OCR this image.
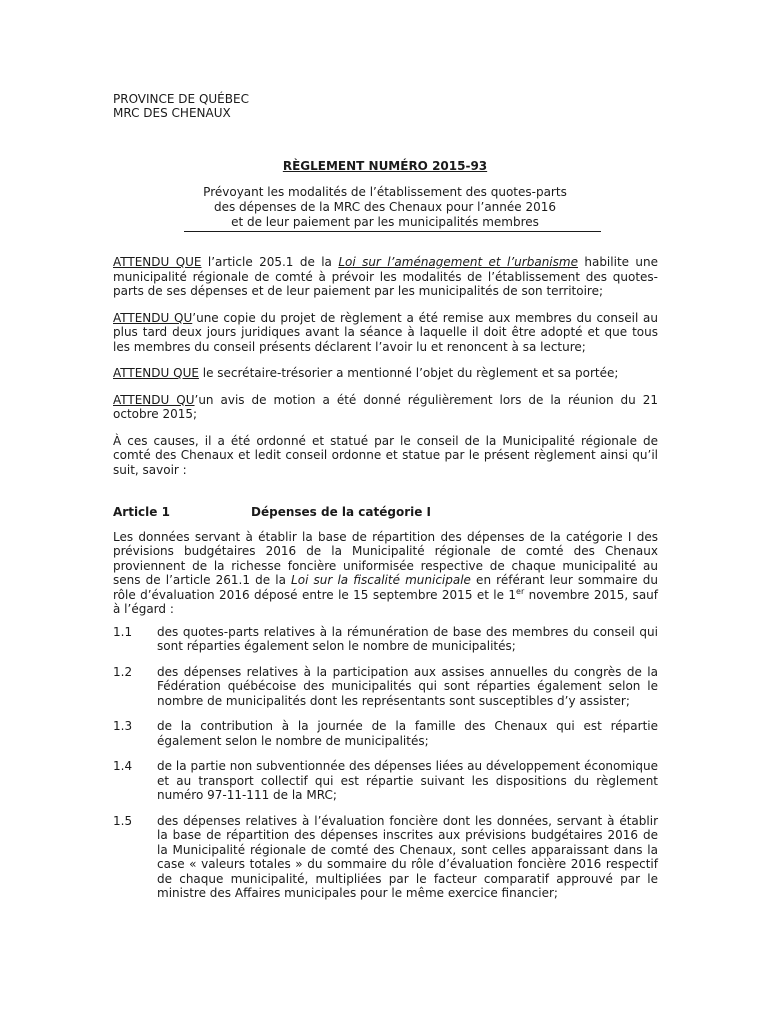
PROVINCE DE QUÉBEC
MRC DES CHENAUX
RÈGLEMENT NUMÉRO 2015-93
Prévoyant les modalités de l’établissement des quotes-parts
des dépenses de la MRC des Chenaux pour l’année 2016
et de leur paiement par les municipalités membres

ATTENDU QUE l’article 205.1 de la Loi sur l’aménagement et l’urbanisme habilite une municipalité régionale de comté à prévoir les modalités de l’établissement des quotes-parts de ses dépenses et de leur paiement par les municipalités de son territoire;

ATTENDU QU’une copie du projet de règlement a été remise aux membres du conseil au plus tard deux jours juridiques avant la séance à laquelle il doit être adopté et que tous les membres du conseil présents déclarent l’avoir lu et renoncent à sa lecture;

ATTENDU QUE le secrétaire-trésorier a mentionné l’objet du règlement et sa portée;

ATTENDU QU’un avis de motion a été donné régulièrement lors de la réunion du 21 octobre 2015;

À ces causes, il a été ordonné et statué par le conseil de la Municipalité régionale de comté des Chenaux et ledit conseil ordonne et statue par le présent règlement ainsi qu’il suit, savoir :

Article 1	Dépenses de la catégorie I

Les données servant à établir la base de répartition des dépenses de la catégorie I des prévisions budgétaires 2016 de la Municipalité régionale de comté des Chenaux proviennent de la richesse foncière uniformisée respective de chaque municipalité au sens de l’article 261.1 de la Loi sur la fiscalité municipale en référant leur sommaire du rôle d’évaluation 2016 déposé entre le 15 septembre 2015 et le 1er novembre 2015, sauf à l’égard :

1.1	des quotes-parts relatives à la rémunération de base des membres du conseil qui sont réparties également selon le nombre de municipalités;
1.2	des dépenses relatives à la participation aux assises annuelles du congrès de la Fédération québécoise des municipalités qui sont réparties également selon le nombre de municipalités dont les représentants sont susceptibles d’y assister;
1.3	de la contribution à la journée de la famille des Chenaux qui est répartie également selon le nombre de municipalités;
1.4	de la partie non subventionnée des dépenses liées au développement économique et au transport collectif qui est répartie suivant les dispositions du règlement numéro 97-11-111 de la MRC;
1.5	des dépenses relatives à l’évaluation foncière dont les données, servant à établir la base de répartition des dépenses inscrites aux prévisions budgétaires 2016 de la Municipalité régionale de comté des Chenaux, sont celles apparaissant dans la case « valeurs totales » du sommaire du rôle d’évaluation foncière 2016 respectif de chaque municipalité, multipliées par le facteur comparatif approuvé par le ministre des Affaires municipales pour le même exercice financier;
